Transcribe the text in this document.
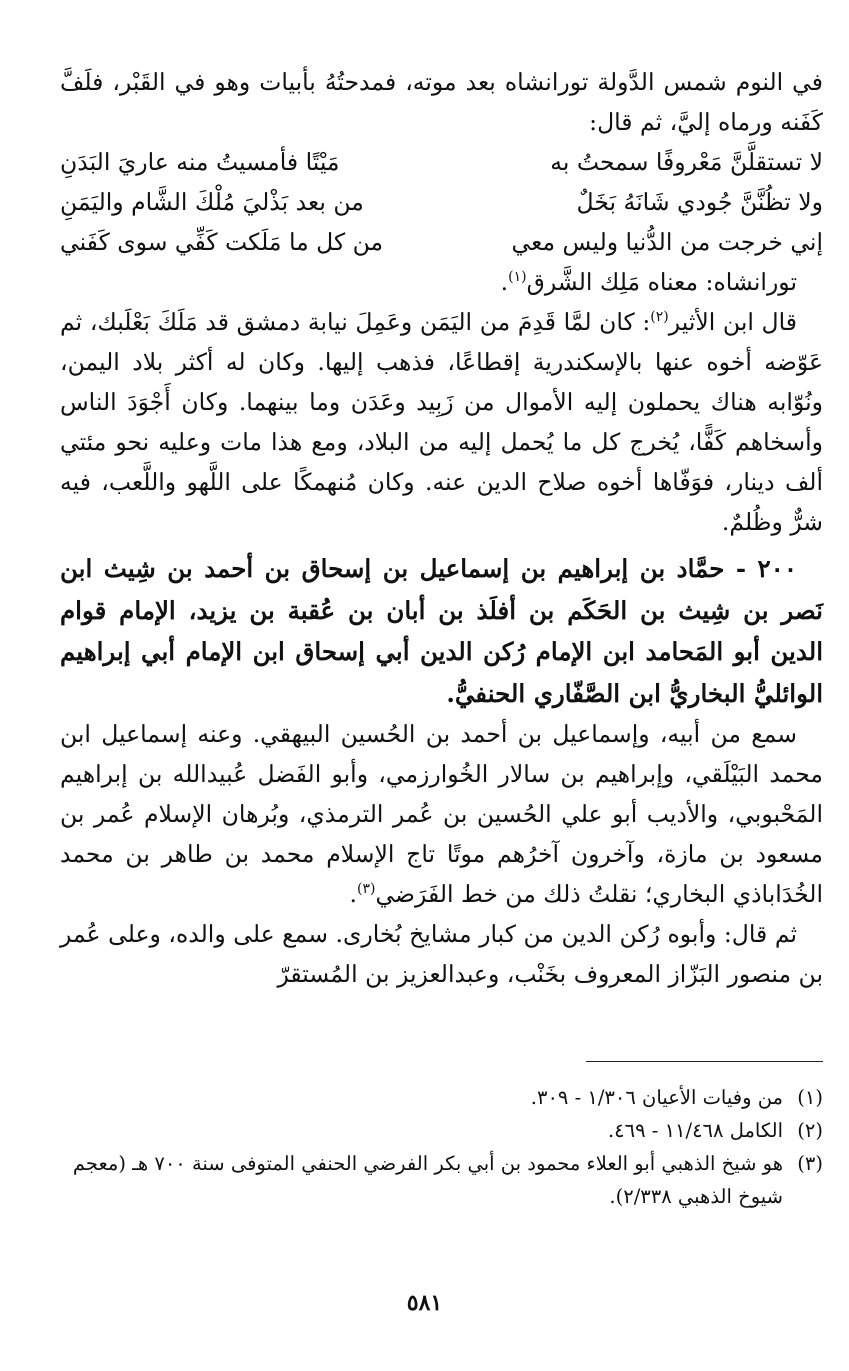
في النوم شمس الدَّولة تورانشاه بعد موته، فمدحتُهُ بأبيات وهو في القَبْر، فلَفَّ كَفَنه ورماه إليَّ، ثم قال:

لا تستقلَّنَّ مَعْروفًا سمحتُ به
مَيْتًا فأمسيتُ منه عاريَ البَدَنِ
ولا تظُنَّنَّ جُودي شَانَهُ بَخَلٌ
من بعد بَذْليَ مُلْكَ الشَّام واليَمَنِ
إني خرجت من الدُّنيا وليس معي
من كل ما مَلَكت كَفِّي سوى كَفَني

تورانشاه: معناه مَلِك الشَّرق$^{(١)}$.

قال ابن الأثير$^{(٢)}$: كان لمَّا قَدِمَ من اليَمَن وعَمِلَ نيابة دمشق قد مَلَكَ بَعْلَبك، ثم عَوّضه أخوه عنها بالإسكندرية إقطاعًا، فذهب إليها. وكان له أكثر بلاد اليمن، ونُوّابه هناك يحملون إليه الأموال من زَبِيد وعَدَن وما بينهما. وكان أَجْوَدَ الناس وأسخاهم كَفًّا، يُخرج كل ما يُحمل إليه من البلاد، ومع هذا مات وعليه نحو مئتي ألف دينار، فوَفّاها أخوه صلاح الدين عنه. وكان مُنهمكًا على اللَّهو واللَّعب، فيه شرٌّ وظُلمٌ.

٢٠٠ - حمَّاد بن إبراهيم بن إسماعيل بن إسحاق بن أحمد بن شِيث ابن نَصر بن شِيث بن الحَكَم بن أفلَذ بن أبان بن عُقبة بن يزيد، الإمام قوام الدين أبو المَحامد ابن الإمام رُكن الدين أبي إسحاق ابن الإمام أبي إبراهيم الوائليُّ البخاريُّ ابن الصَّفّاري الحنفيُّ.

سمع من أبيه، وإسماعيل بن أحمد بن الحُسين البيهقي. وعنه إسماعيل ابن محمد البَيْلَقي، وإبراهيم بن سالار الخُوارزمي، وأبو الفَضل عُبيدالله بن إبراهيم المَحْبوبي، والأديب أبو علي الحُسين بن عُمر الترمذي، وبُرهان الإسلام عُمر بن مسعود بن مازة، وآخرون آخرُهم موتًا تاج الإسلام محمد بن طاهر بن محمد الخُدَاباذي البخاري؛ نقلتُ ذلك من خط الفَرَضي$^{(٣)}$.

ثم قال: وأبوه رُكن الدين من كبار مشايخ بُخارى. سمع على والده، وعلى عُمر بن منصور البَزّاز المعروف بخَنْب، وعبدالعزيز بن المُستقرّ

(١)
من وفيات الأعيان ١/٣٠٦ - ٣٠٩.
(٢)
الكامل ١١/٤٦٨ - ٤٦٩.
(٣)
هو شيخ الذهبي أبو العلاء محمود بن أبي بكر الفرضي الحنفي المتوفى سنة ٧٠٠ هـ (معجم شيوخ الذهبي ٢/٣٣٨).
٥٨١
